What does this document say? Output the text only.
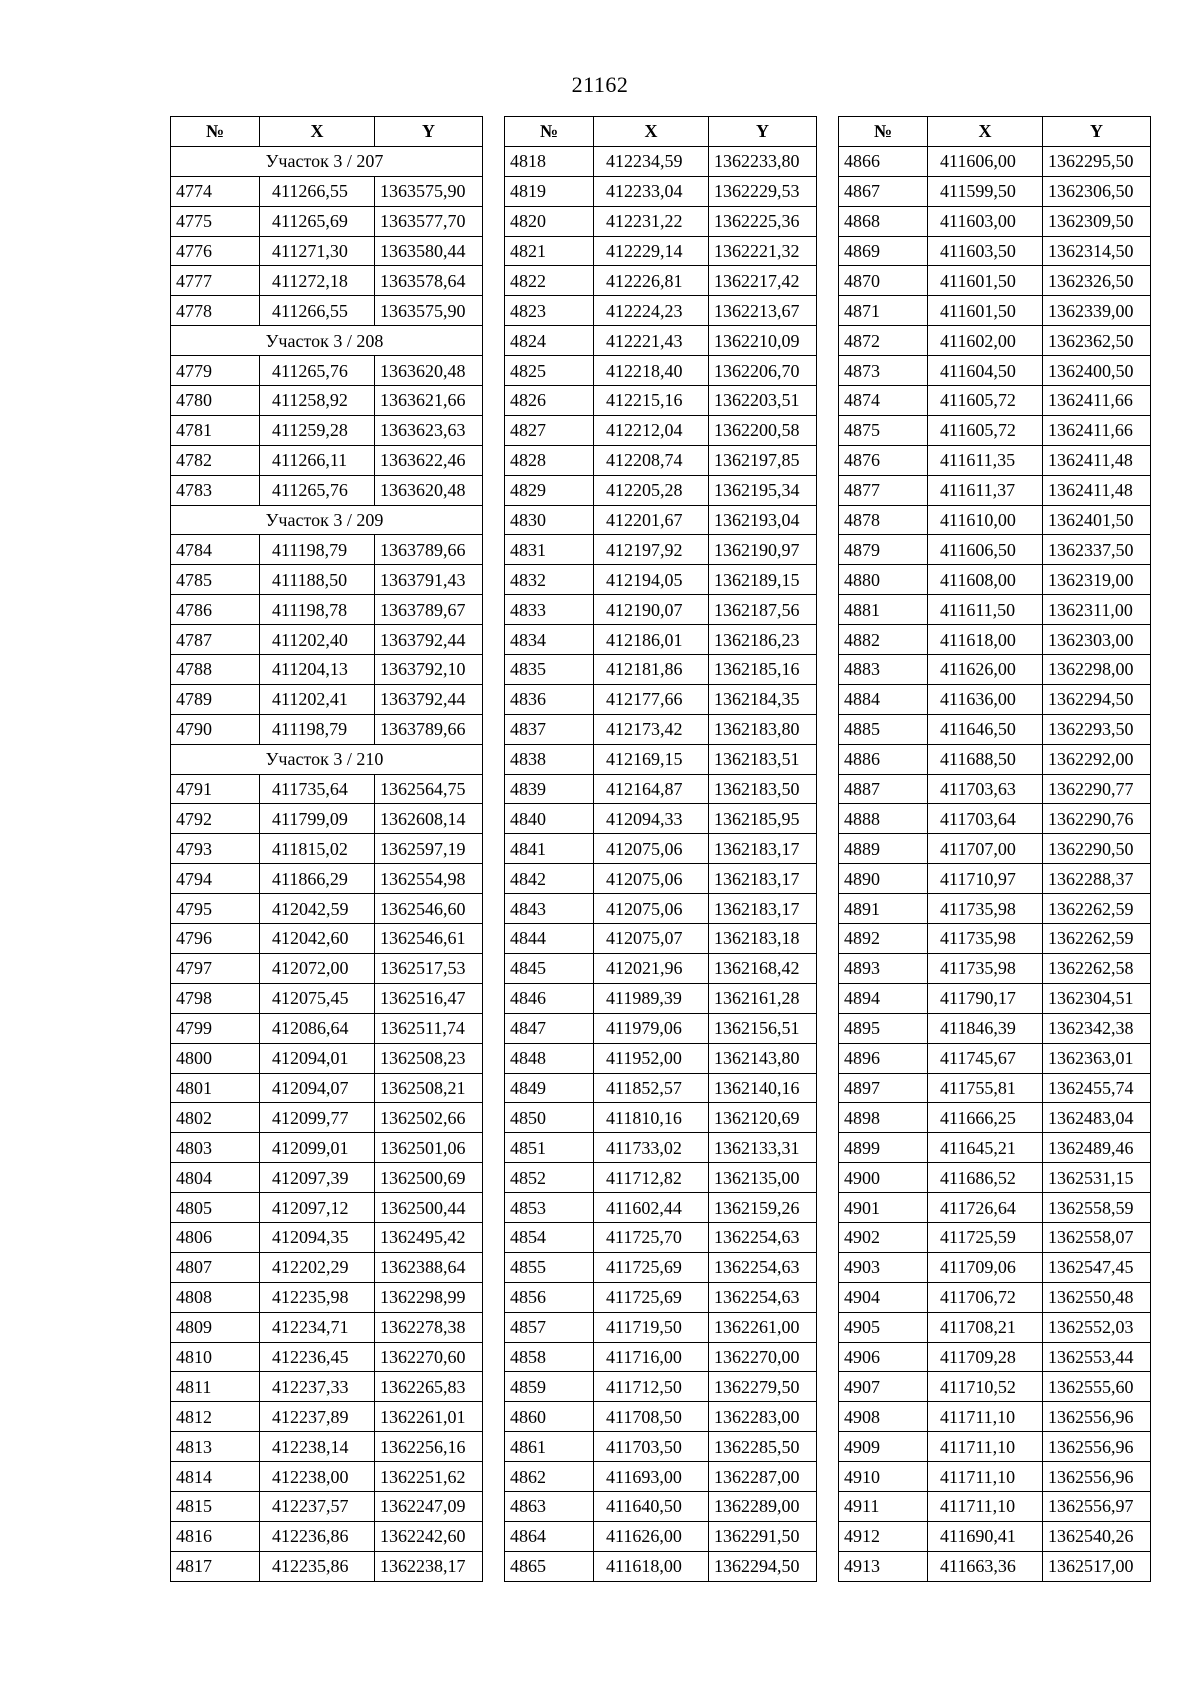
21162
№	X	Y
Участок 3 / 207		
4774	411266,55	1363575,90
4775	411265,69	1363577,70
4776	411271,30	1363580,44
4777	411272,18	1363578,64
4778	411266,55	1363575,90
Участок 3 / 208		
4779	411265,76	1363620,48
4780	411258,92	1363621,66
4781	411259,28	1363623,63
4782	411266,11	1363622,46
4783	411265,76	1363620,48
Участок 3 / 209		
4784	411198,79	1363789,66
4785	411188,50	1363791,43
4786	411198,78	1363789,67
4787	411202,40	1363792,44
4788	411204,13	1363792,10
4789	411202,41	1363792,44
4790	411198,79	1363789,66
Участок 3 / 210		
4791	411735,64	1362564,75
4792	411799,09	1362608,14
4793	411815,02	1362597,19
4794	411866,29	1362554,98
4795	412042,59	1362546,60
4796	412042,60	1362546,61
4797	412072,00	1362517,53
4798	412075,45	1362516,47
4799	412086,64	1362511,74
4800	412094,01	1362508,23
4801	412094,07	1362508,21
4802	412099,77	1362502,66
4803	412099,01	1362501,06
4804	412097,39	1362500,69
4805	412097,12	1362500,44
4806	412094,35	1362495,42
4807	412202,29	1362388,64
4808	412235,98	1362298,99
4809	412234,71	1362278,38
4810	412236,45	1362270,60
4811	412237,33	1362265,83
4812	412237,89	1362261,01
4813	412238,14	1362256,16
4814	412238,00	1362251,62
4815	412237,57	1362247,09
4816	412236,86	1362242,60
4817	412235,86	1362238,17
№	X	Y
4818	412234,59	1362233,80
4819	412233,04	1362229,53
4820	412231,22	1362225,36
4821	412229,14	1362221,32
4822	412226,81	1362217,42
4823	412224,23	1362213,67
4824	412221,43	1362210,09
4825	412218,40	1362206,70
4826	412215,16	1362203,51
4827	412212,04	1362200,58
4828	412208,74	1362197,85
4829	412205,28	1362195,34
4830	412201,67	1362193,04
4831	412197,92	1362190,97
4832	412194,05	1362189,15
4833	412190,07	1362187,56
4834	412186,01	1362186,23
4835	412181,86	1362185,16
4836	412177,66	1362184,35
4837	412173,42	1362183,80
4838	412169,15	1362183,51
4839	412164,87	1362183,50
4840	412094,33	1362185,95
4841	412075,06	1362183,17
4842	412075,06	1362183,17
4843	412075,06	1362183,17
4844	412075,07	1362183,18
4845	412021,96	1362168,42
4846	411989,39	1362161,28
4847	411979,06	1362156,51
4848	411952,00	1362143,80
4849	411852,57	1362140,16
4850	411810,16	1362120,69
4851	411733,02	1362133,31
4852	411712,82	1362135,00
4853	411602,44	1362159,26
4854	411725,70	1362254,63
4855	411725,69	1362254,63
4856	411725,69	1362254,63
4857	411719,50	1362261,00
4858	411716,00	1362270,00
4859	411712,50	1362279,50
4860	411708,50	1362283,00
4861	411703,50	1362285,50
4862	411693,00	1362287,00
4863	411640,50	1362289,00
4864	411626,00	1362291,50
4865	411618,00	1362294,50
№	X	Y
4866	411606,00	1362295,50
4867	411599,50	1362306,50
4868	411603,00	1362309,50
4869	411603,50	1362314,50
4870	411601,50	1362326,50
4871	411601,50	1362339,00
4872	411602,00	1362362,50
4873	411604,50	1362400,50
4874	411605,72	1362411,66
4875	411605,72	1362411,66
4876	411611,35	1362411,48
4877	411611,37	1362411,48
4878	411610,00	1362401,50
4879	411606,50	1362337,50
4880	411608,00	1362319,00
4881	411611,50	1362311,00
4882	411618,00	1362303,00
4883	411626,00	1362298,00
4884	411636,00	1362294,50
4885	411646,50	1362293,50
4886	411688,50	1362292,00
4887	411703,63	1362290,77
4888	411703,64	1362290,76
4889	411707,00	1362290,50
4890	411710,97	1362288,37
4891	411735,98	1362262,59
4892	411735,98	1362262,59
4893	411735,98	1362262,58
4894	411790,17	1362304,51
4895	411846,39	1362342,38
4896	411745,67	1362363,01
4897	411755,81	1362455,74
4898	411666,25	1362483,04
4899	411645,21	1362489,46
4900	411686,52	1362531,15
4901	411726,64	1362558,59
4902	411725,59	1362558,07
4903	411709,06	1362547,45
4904	411706,72	1362550,48
4905	411708,21	1362552,03
4906	411709,28	1362553,44
4907	411710,52	1362555,60
4908	411711,10	1362556,96
4909	411711,10	1362556,96
4910	411711,10	1362556,96
4911	411711,10	1362556,97
4912	411690,41	1362540,26
4913	411663,36	1362517,00
